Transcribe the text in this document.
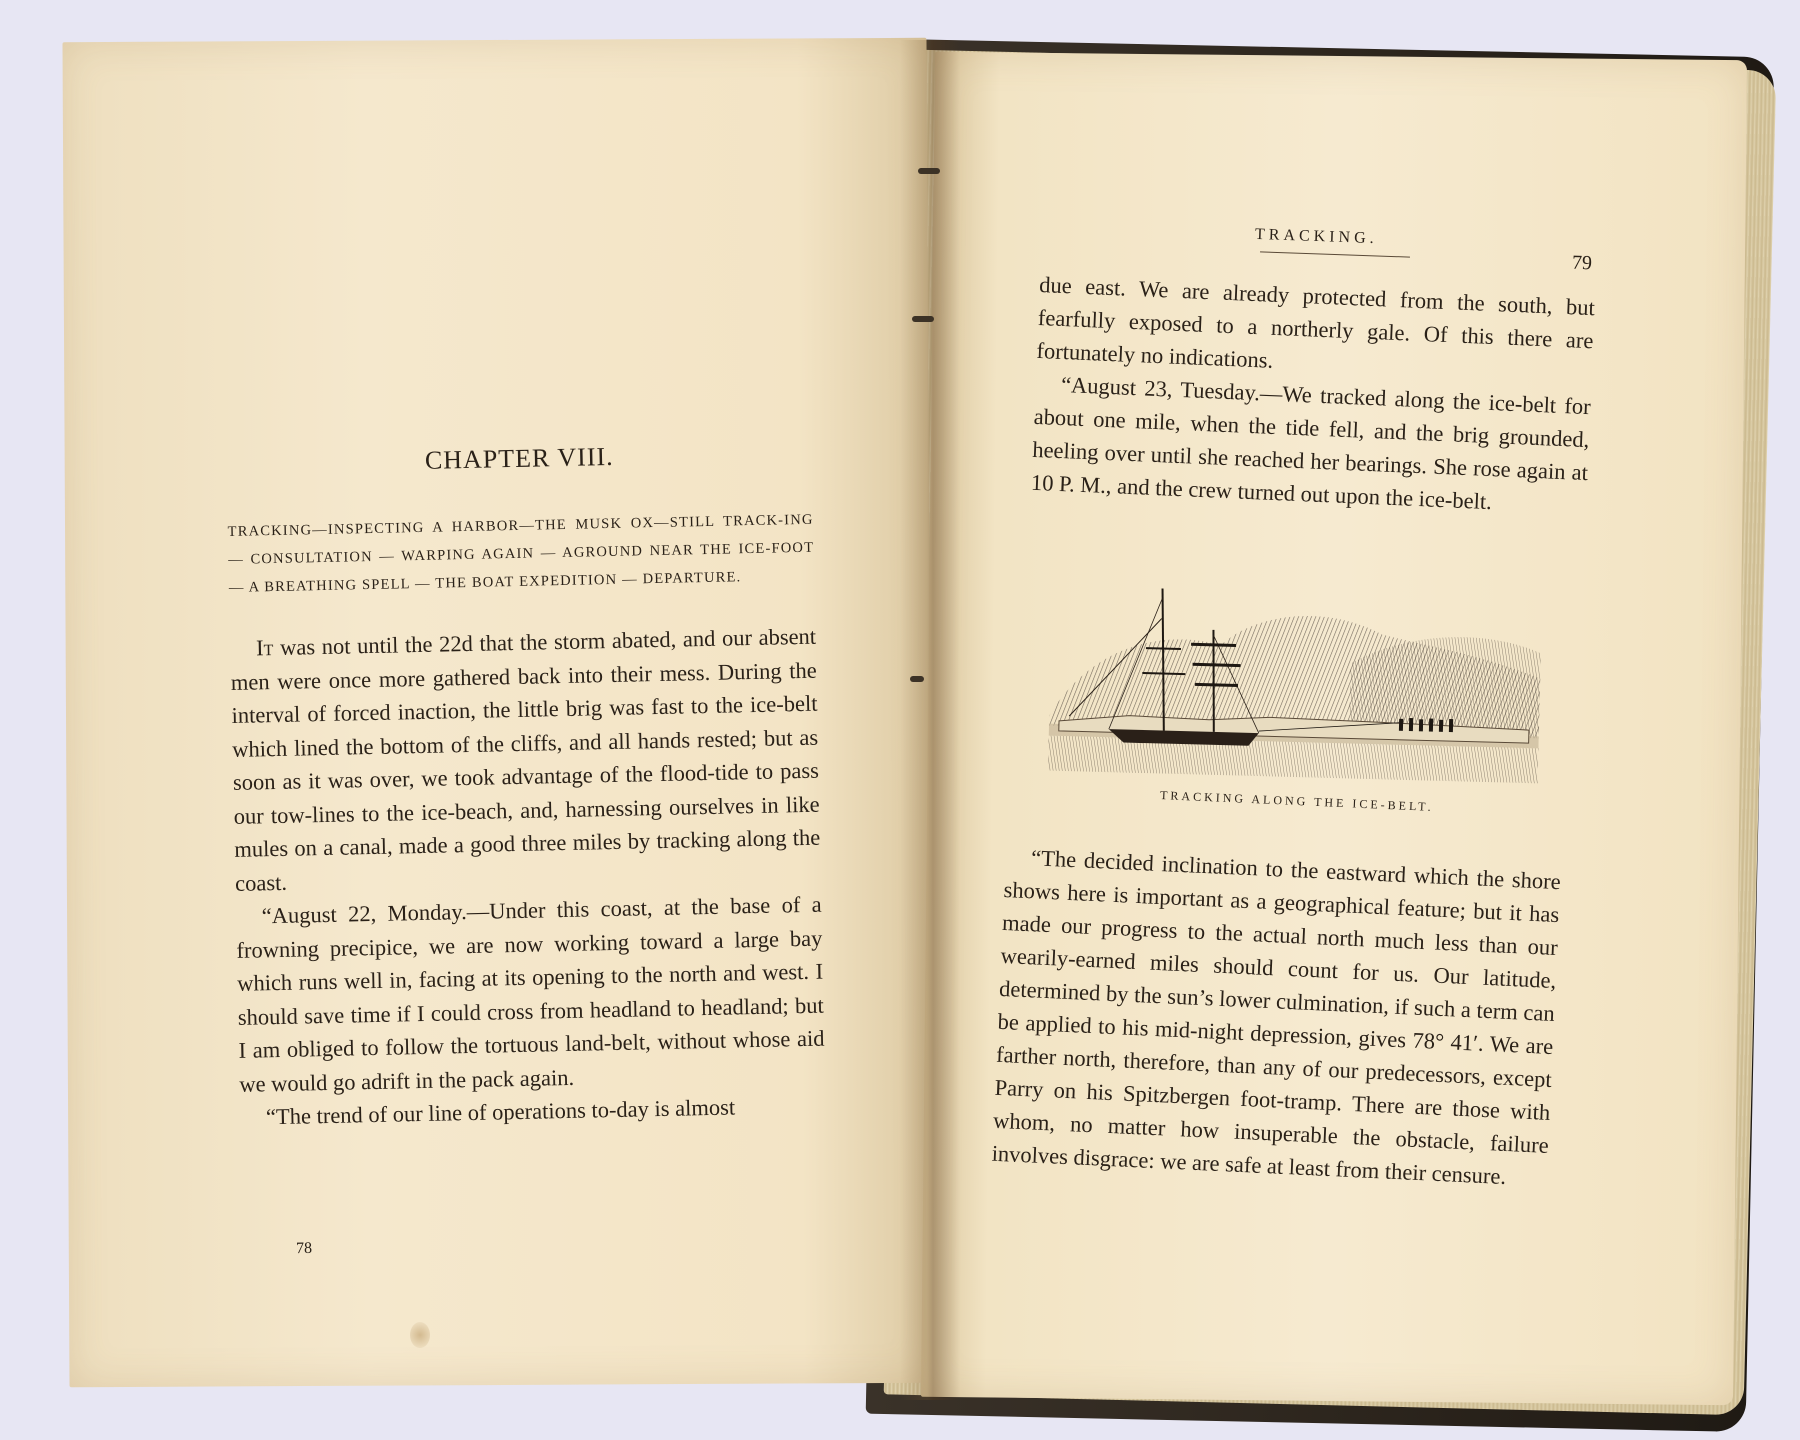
CHAPTER VIII.
TRACKING—INSPECTING A HARBOR—THE MUSK OX—STILL TRACK-ING — CONSULTATION — WARPING AGAIN — AGROUND NEAR THE ICE-FOOT — A BREATHING SPELL — THE BOAT EXPEDITION — DEPARTURE.

It was not until the 22d that the storm abated, and our absent men were once more gathered back into their mess. During the interval of forced inaction, the little brig was fast to the ice-belt which lined the bottom of the cliffs, and all hands rested; but as soon as it was over, we took advantage of the flood-tide to pass our tow-lines to the ice-beach, and, harnessing ourselves in like mules on a canal, made a good three miles by tracking along the coast.

“August 22, Monday.—Under this coast, at the base of a frowning precipice, we are now working toward a large bay which runs well in, facing at its opening to the north and west. I should save time if I could cross from headland to headland; but I am obliged to follow the tortuous land-belt, without whose aid we would go adrift in the pack again.

“The trend of our line of operations to-day is almost

78
TRACKING.
79

due east. We are already protected from the south, but fearfully exposed to a northerly gale. Of this there are fortunately no indications.

“August 23, Tuesday.—We tracked along the ice-belt for about one mile, when the tide fell, and the brig grounded, heeling over until she reached her bearings. She rose again at 10 P. M., and the crew turned out upon the ice-belt.

TRACKING ALONG THE ICE-BELT.

“The decided inclination to the eastward which the shore shows here is important as a geographical feature; but it has made our progress to the actual north much less than our wearily-earned miles should count for us. Our latitude, determined by the sun’s lower culmination, if such a term can be applied to his mid-night depression, gives 78° 41′. We are farther north, therefore, than any of our predecessors, except Parry on his Spitzbergen foot-tramp. There are those with whom, no matter how insuperable the obstacle, failure involves disgrace: we are safe at least from their censure.
